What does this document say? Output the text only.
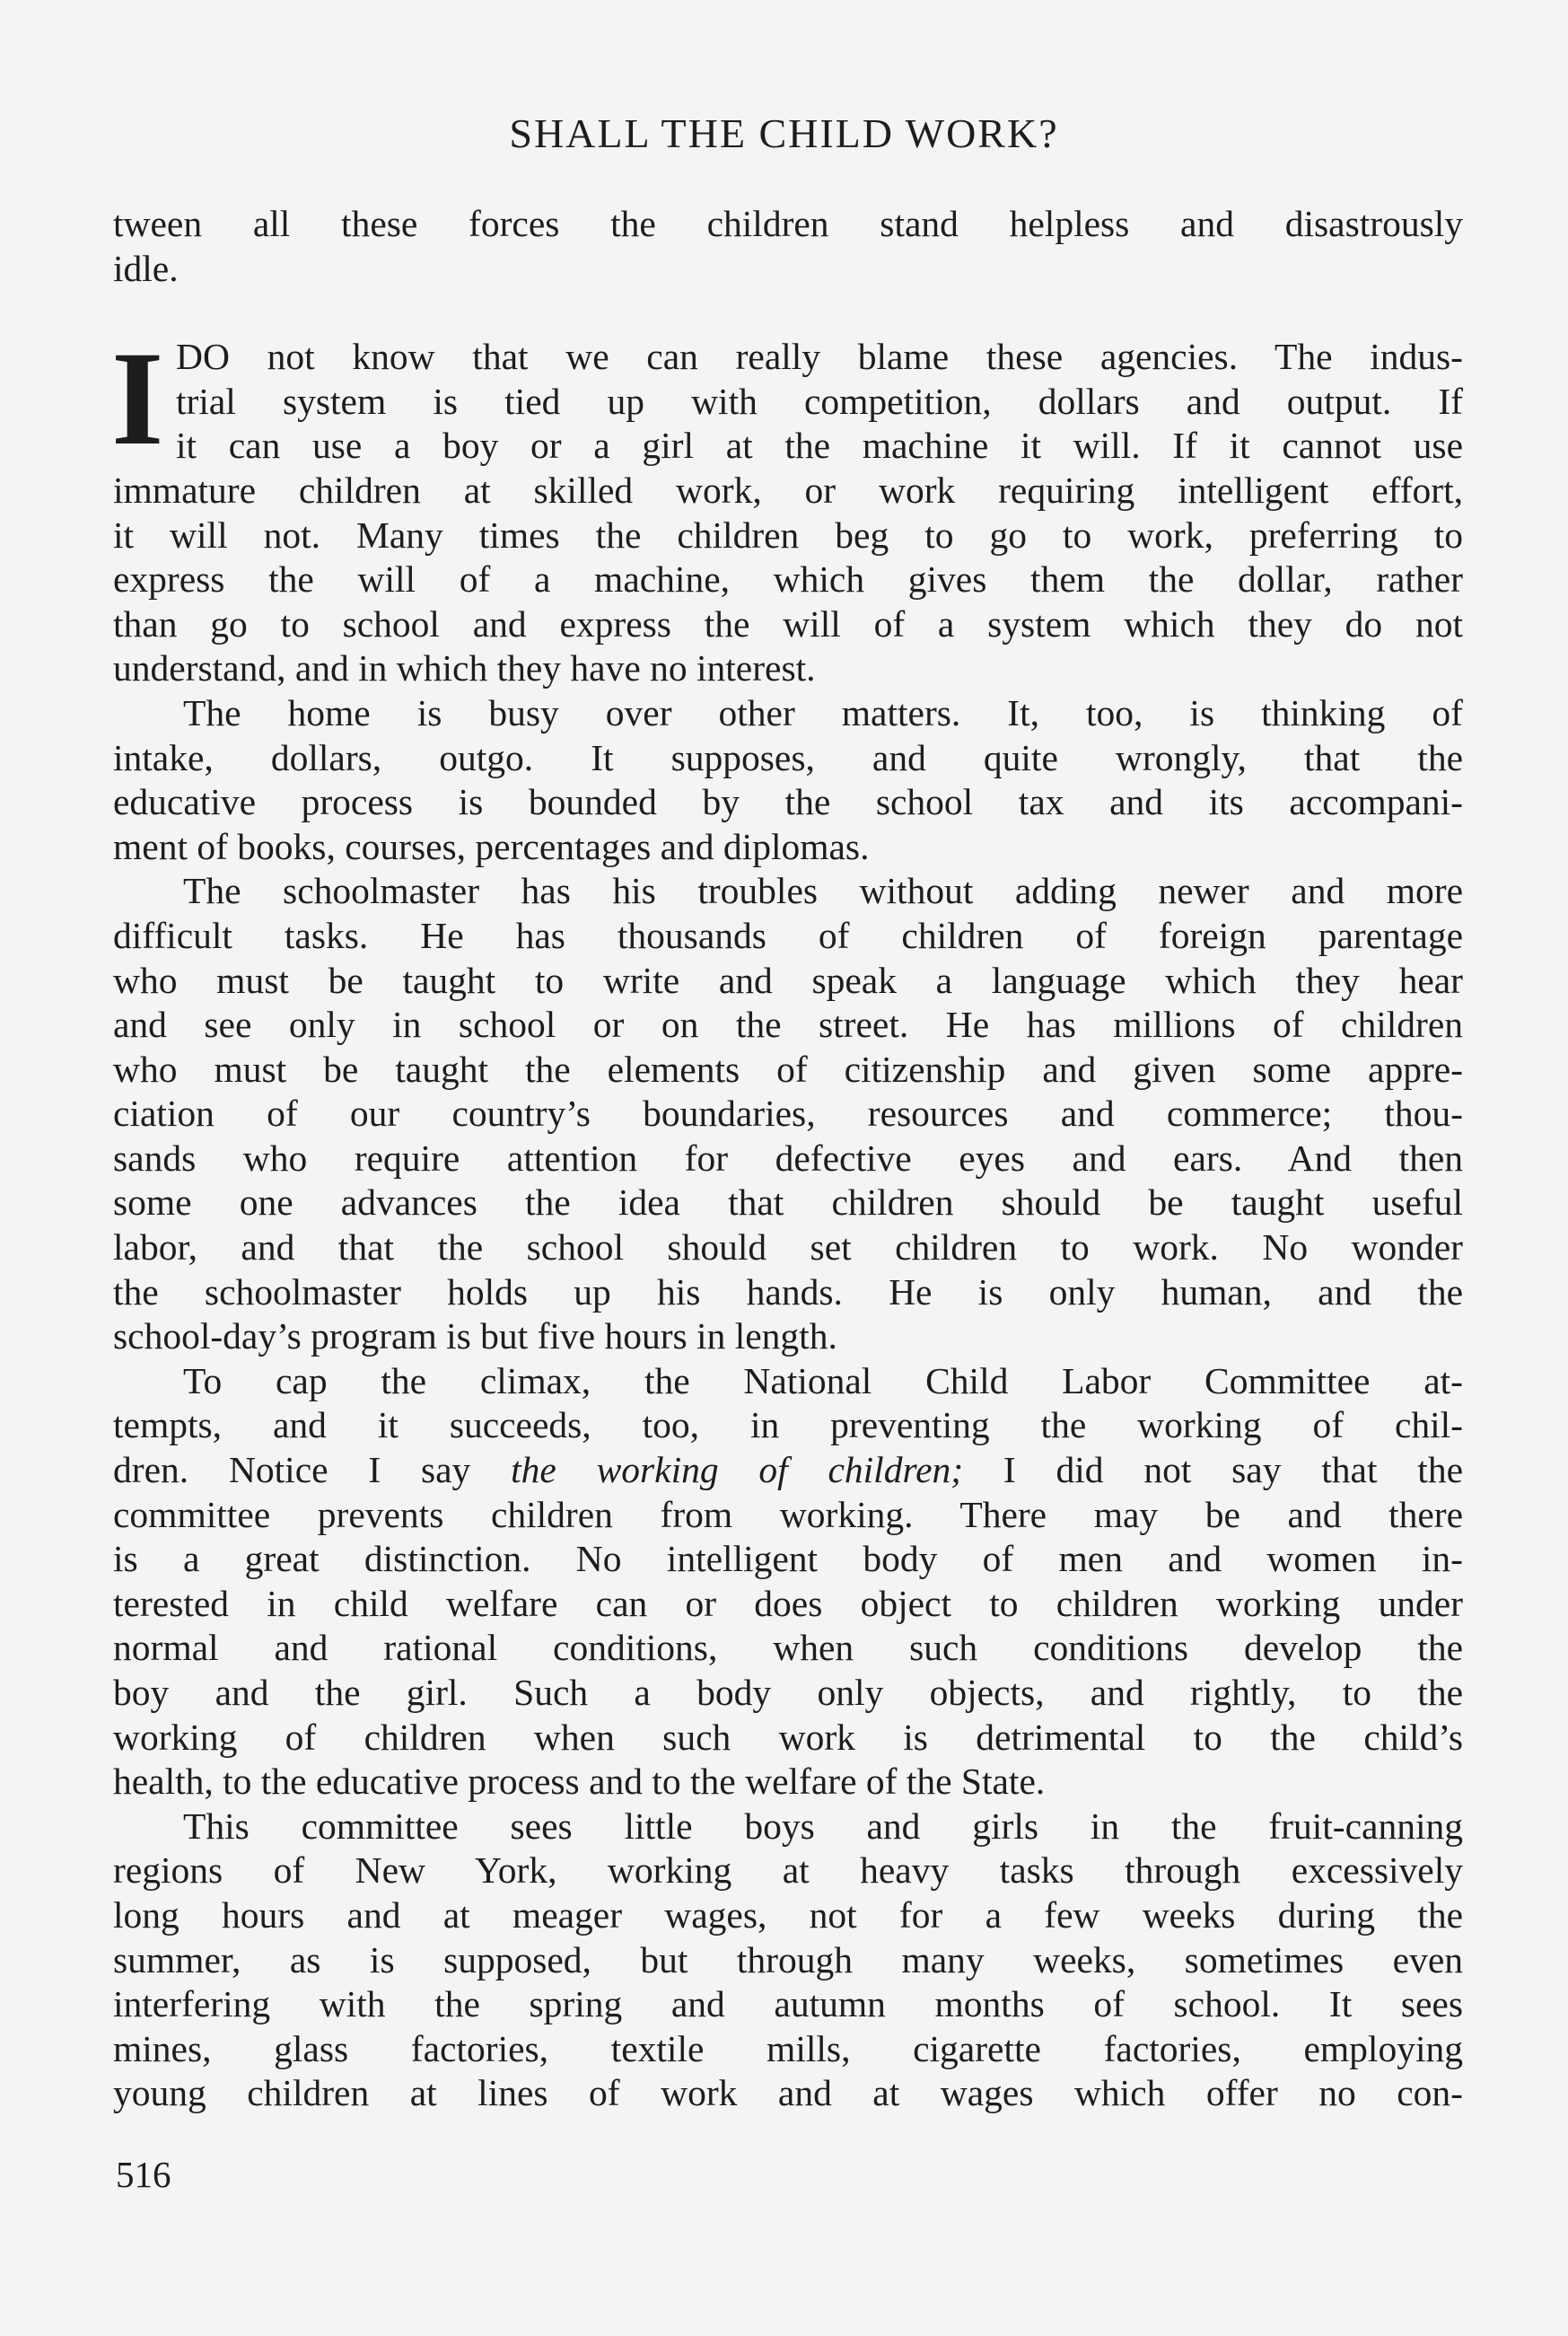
SHALL THE CHILD WORK?
tween all these forces the children stand helpless and disastrously
idle.
I DO not know that we can really blame these agencies. The indus-
trial system is tied up with competition, dollars and output. If
it can use a boy or a girl at the machine it will. If it cannot use
immature children at skilled work, or work requiring intelligent effort,
it will not. Many times the children beg to go to work, preferring to
express the will of a machine, which gives them the dollar, rather
than go to school and express the will of a system which they do not
understand, and in which they have no interest.
The home is busy over other matters. It, too, is thinking of
intake, dollars, outgo. It supposes, and quite wrongly, that the
educative process is bounded by the school tax and its accompani-
ment of books, courses, percentages and diplomas.
The schoolmaster has his troubles without adding newer and more
difficult tasks. He has thousands of children of foreign parentage
who must be taught to write and speak a language which they hear
and see only in school or on the street. He has millions of children
who must be taught the elements of citizenship and given some appre-
ciation of our country’s boundaries, resources and commerce; thou-
sands who require attention for defective eyes and ears. And then
some one advances the idea that children should be taught useful
labor, and that the school should set children to work. No wonder
the schoolmaster holds up his hands. He is only human, and the
school-day’s program is but five hours in length.
To cap the climax, the National Child Labor Committee at-
tempts, and it succeeds, too, in preventing the working of chil-
dren. Notice I say the working of children; I did not say that the
committee prevents children from working. There may be and there
is a great distinction. No intelligent body of men and women in-
terested in child welfare can or does object to children working under
normal and rational conditions, when such conditions develop the
boy and the girl. Such a body only objects, and rightly, to the
working of children when such work is detrimental to the child’s
health, to the educative process and to the welfare of the State.
This committee sees little boys and girls in the fruit-canning
regions of New York, working at heavy tasks through excessively
long hours and at meager wages, not for a few weeks during the
summer, as is supposed, but through many weeks, sometimes even
interfering with the spring and autumn months of school. It sees
mines, glass factories, textile mills, cigarette factories, employing
young children at lines of work and at wages which offer no con-
516
